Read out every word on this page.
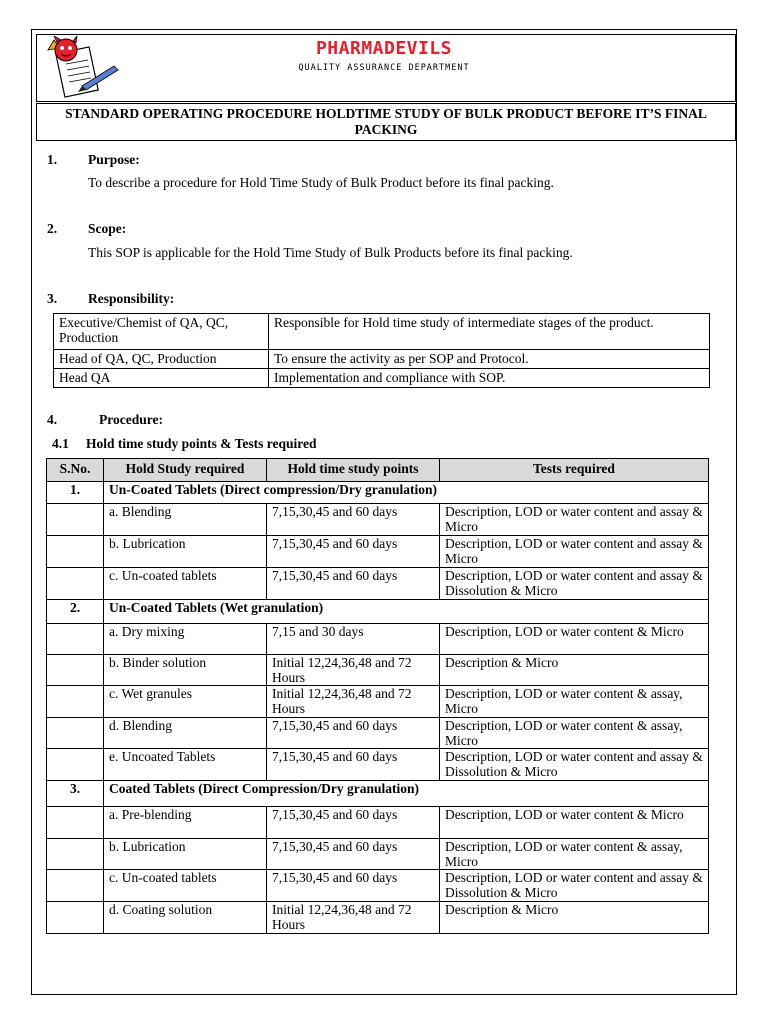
PHARMADEVILS
QUALITY ASSURANCE DEPARTMENT
STANDARD OPERATING PROCEDURE HOLDTIME STUDY OF BULK PRODUCT BEFORE IT’S FINAL PACKING
1. Purpose:
To describe a procedure for Hold Time Study of Bulk Product before its final packing.
2. Scope:
This SOP is applicable for the Hold Time Study of Bulk Products before its final packing.
3. Responsibility:
Executive/Chemist of QA, QC, Production	Responsible for Hold time study of intermediate stages of the product.
Head of QA, QC, Production	To ensure the activity as per SOP and Protocol.
Head QA	Implementation and compliance with SOP.
4.	Procedure:
4.1 Hold time study points & Tests required
S.No.	Hold Study required	Hold time study points	Tests required
1.	Un-Coated Tablets (Direct compression/Dry granulation)		
	a. Blending	7,15,30,45 and 60 days	Description, LOD or water content and assay & Micro
	b. Lubrication	7,15,30,45 and 60 days	Description, LOD or water content and assay & Micro
	c. Un-coated tablets	7,15,30,45 and 60 days	Description, LOD or water content and assay & Dissolution & Micro
2.	Un-Coated Tablets (Wet granulation)		
	a. Dry mixing	7,15 and 30 days	Description, LOD or water content & Micro
	b. Binder solution	Initial 12,24,36,48 and 72 Hours	Description & Micro
	c. Wet granules	Initial 12,24,36,48 and 72 Hours	Description, LOD or water content & assay, Micro
	d. Blending	7,15,30,45 and 60 days	Description, LOD or water content & assay, Micro
	e. Uncoated Tablets	7,15,30,45 and 60 days	Description, LOD or water content and assay & Dissolution & Micro
3.	Coated Tablets (Direct Compression/Dry granulation)		
	a. Pre-blending	7,15,30,45 and 60 days	Description, LOD or water content & Micro
	b. Lubrication	7,15,30,45 and 60 days	Description, LOD or water content & assay, Micro
	c. Un-coated tablets	7,15,30,45 and 60 days	Description, LOD or water content and assay & Dissolution & Micro
	d. Coating solution	Initial 12,24,36,48 and 72 Hours	Description & Micro
